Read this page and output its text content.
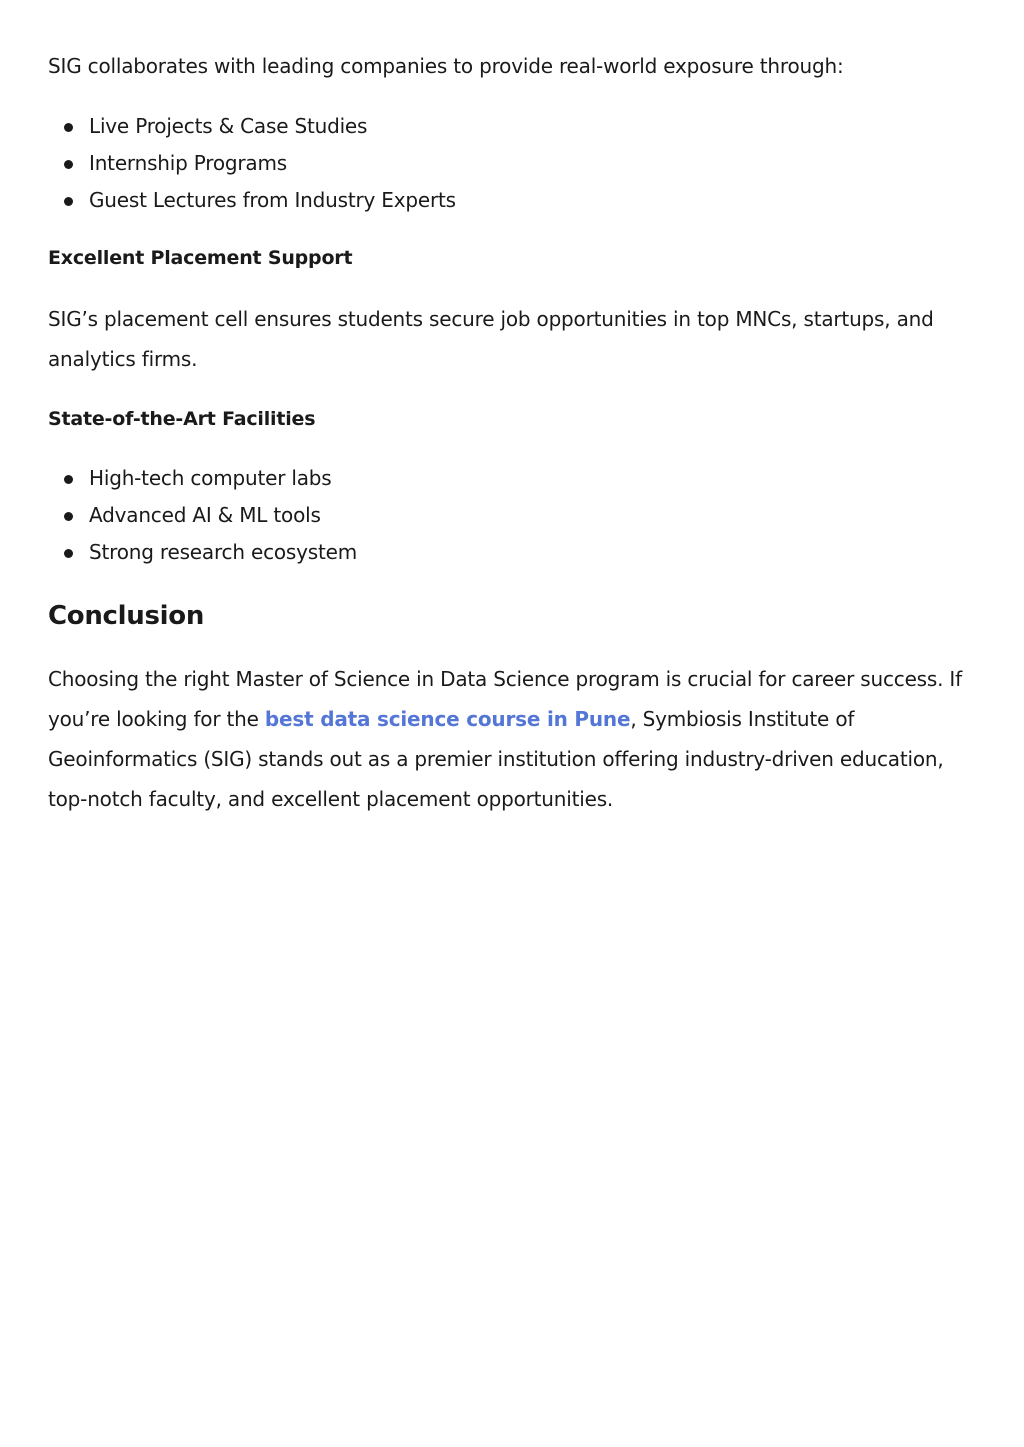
SIG collaborates with leading companies to provide real-world exposure through:

Live Projects & Case Studies
Internship Programs
Guest Lectures from Industry Experts
Excellent Placement Support

SIG’s placement cell ensures students secure job opportunities in top MNCs, startups, and analytics firms.

State-of-the-Art Facilities
High-tech computer labs
Advanced AI & ML tools
Strong research ecosystem
Conclusion

Choosing the right Master of Science in Data Science program is crucial for career success. If you’re looking for the best data science course in Pune, Symbiosis Institute of Geoinformatics (SIG) stands out as a premier institution offering industry-driven education, top-notch faculty, and excellent placement opportunities.
